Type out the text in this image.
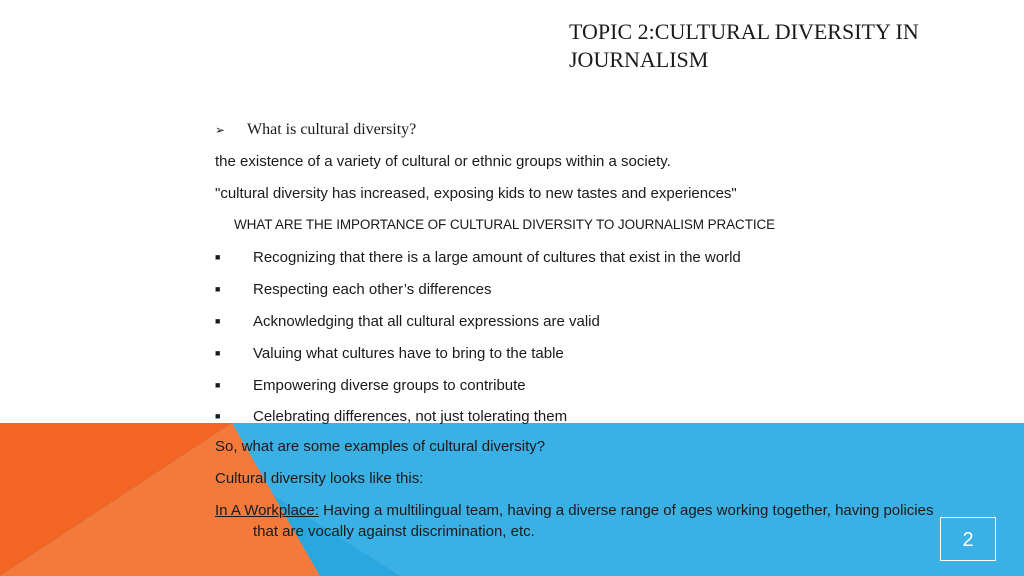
TOPIC 2:CULTURAL DIVERSITY IN JOURNALISM
➢ What is cultural diversity?
the existence of a variety of cultural or ethnic groups within a society.
"cultural diversity has increased, exposing kids to new tastes and experiences"
WHAT ARE THE IMPORTANCE OF CULTURAL DIVERSITY TO JOURNALISM PRACTICE
■ Recognizing that there is a large amount of cultures that exist in the world
■ Respecting each other’s differences
■ Acknowledging that all cultural expressions are valid
■ Valuing what cultures have to bring to the table
■ Empowering diverse groups to contribute
■ Celebrating differences, not just tolerating them
So, what are some examples of cultural diversity?
Cultural diversity looks like this:
In A Workplace: Having a multilingual team, having a diverse range of ages working together, having policies
that are vocally against discrimination, etc.	2
